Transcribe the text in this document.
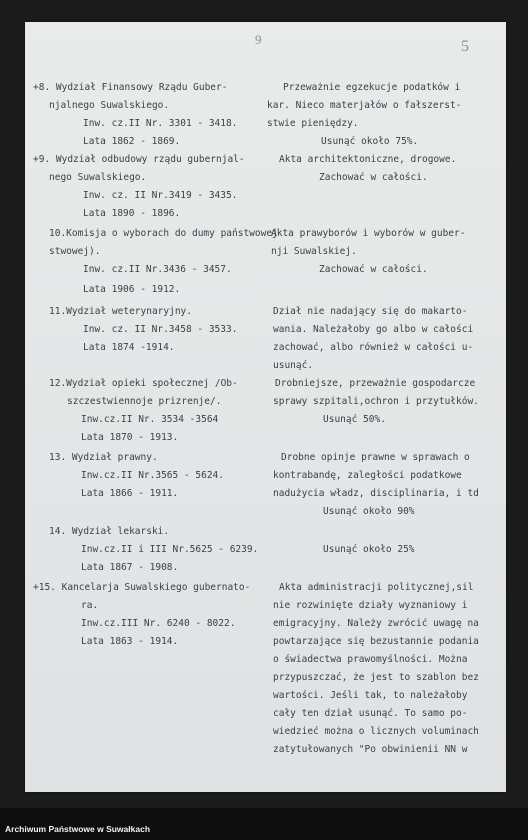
9	5
+8. Wydział Finansowy Rządu Guber-
njalnego Suwalskiego.
Inw. cz.II Nr. 3301 - 3418.
Lata 1862 - 1869.
Przeważnie egzekucje podatków i
kar. Nieco materjałów o fałszerst-
stwie pieniędzy.
Usunąć około 75%.
+9. Wydział odbudowy rządu gubernjal-
nego Suwalskiego.
Inw. cz. II Nr.3419 - 3435.
Lata 1890 - 1896.
Akta architektoniczne, drogowe.
Zachować w całości.
10.Komisja o wyborach do dumy państwowej
stwowej).
Inw. cz.II Nr.3436 - 3457.
Lata 1906 - 1912.
Akta prawyborów i wyborów w guber-
nji Suwalskiej.
Zachować w całości.
11.Wydział weterynaryjny.
Inw. cz. II Nr.3458 - 3533.
Lata 1874 -1914.
Dział nie nadający się do makarto-
wania. Należałoby go albo w całości
zachować, albo również w całości u-
usunąć.
12.Wydział opieki społecznej /Ob-
szczestwiennoje prizrenje/.
Inw.cz.II Nr. 3534 -3564
Lata 1870 - 1913.
Drobniejsze, przeważnie gospodarcze
sprawy szpitali,ochron i przytułków.
Usunąć 50%.
13. Wydział prawny.
Inw.cz.II Nr.3565 - 5624.
Lata 1866 - 1911.
Drobne opinje prawne w sprawach o
kontrabandę, zaległości podatkowe
nadużycia władz, disciplinaria, i td
Usunąć około 90%
14. Wydział lekarski.
Inw.cz.II i III Nr.5625 - 6239.
Lata 1867 - 1908.
Usunąć około 25%
+15. Kancelarja Suwalskiego gubernato-
ra.
Inw.cz.III Nr. 6240 - 8022.
Lata 1863 - 1914.
Akta administracji politycznej,sil
nie rozwinięte działy wyznaniowy i
emigracyjny. Należy zwrócić uwagę na
powtarzające się bezustannie podania
o świadectwa prawomyślności. Można
przypuszczać, że jest to szablon bez
wartości. Jeśli tak, to należałoby
cały ten dział usunąć. To samo po-
wiedzieć można o licznych voluminach
zatytułowanych "Po obwinienii NN w
Archiwum Państwowe w Suwałkach
